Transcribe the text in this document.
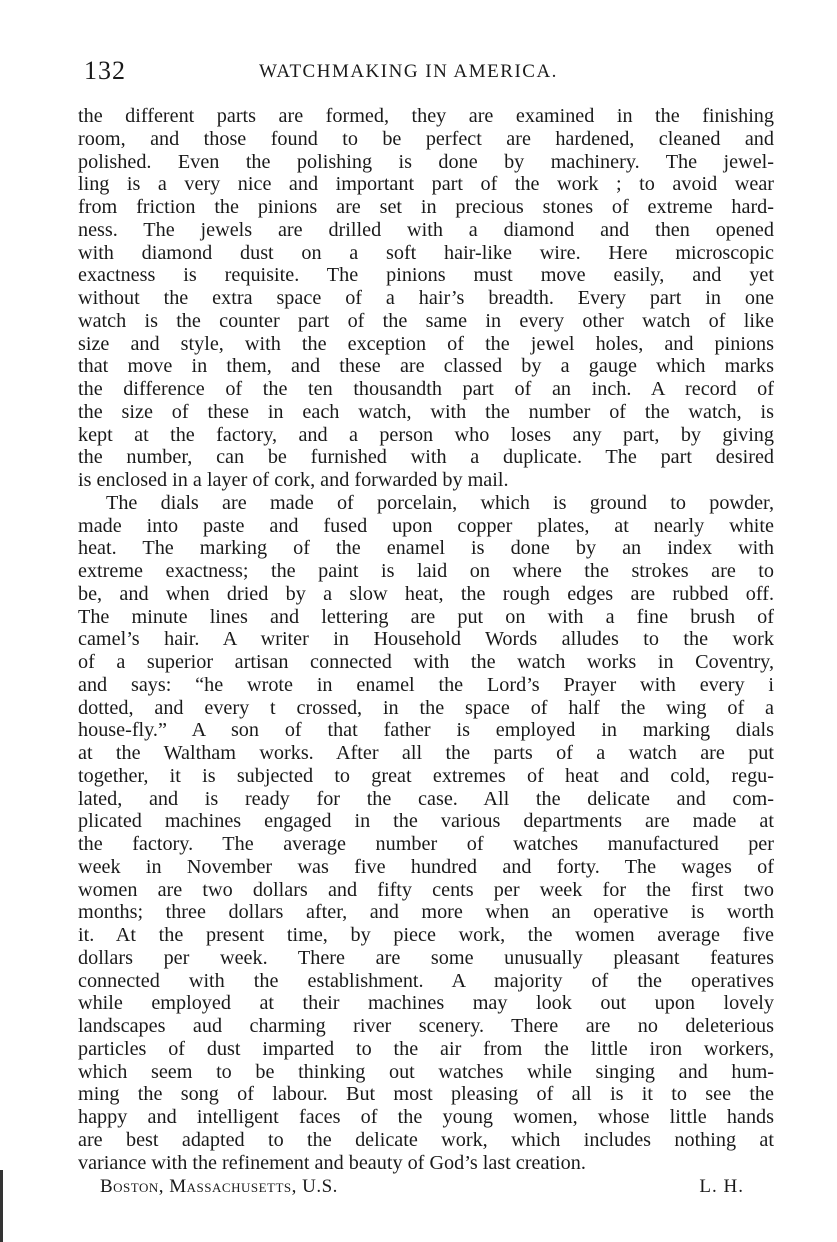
132	WATCHMAKING IN AMERICA.
the different parts are formed, they are examined in the finishing
room, and those found to be perfect are hardened, cleaned and
polished. Even the polishing is done by machinery. The jewel-
ling is a very nice and important part of the work ; to avoid wear
from friction the pinions are set in precious stones of extreme hard-
ness. The jewels are drilled with a diamond and then opened
with diamond dust on a soft hair-like wire. Here microscopic
exactness is requisite. The pinions must move easily, and yet
without the extra space of a hair’s breadth. Every part in one
watch is the counter part of the same in every other watch of like
size and style, with the exception of the jewel holes, and pinions
that move in them, and these are classed by a gauge which marks
the difference of the ten thousandth part of an inch. A record of
the size of these in each watch, with the number of the watch, is
kept at the factory, and a person who loses any part, by giving
the number, can be furnished with a duplicate. The part desired
is enclosed in a layer of cork, and forwarded by mail.
The dials are made of porcelain, which is ground to powder,
made into paste and fused upon copper plates, at nearly white
heat. The marking of the enamel is done by an index with
extreme exactness; the paint is laid on where the strokes are to
be, and when dried by a slow heat, the rough edges are rubbed off.
The minute lines and lettering are put on with a fine brush of
camel’s hair. A writer in Household Words alludes to the work
of a superior artisan connected with the watch works in Coventry,
and says: “he wrote in enamel the Lord’s Prayer with every i
dotted, and every t crossed, in the space of half the wing of a
house-fly.” A son of that father is employed in marking dials
at the Waltham works. After all the parts of a watch are put
together, it is subjected to great extremes of heat and cold, regu-
lated, and is ready for the case. All the delicate and com-
plicated machines engaged in the various departments are made at
the factory. The average number of watches manufactured per
week in November was five hundred and forty. The wages of
women are two dollars and fifty cents per week for the first two
months; three dollars after, and more when an operative is worth
it. At the present time, by piece work, the women average five
dollars per week. There are some unusually pleasant features
connected with the establishment. A majority of the operatives
while employed at their machines may look out upon lovely
landscapes aud charming river scenery. There are no deleterious
particles of dust imparted to the air from the little iron workers,
which seem to be thinking out watches while singing and hum-
ming the song of labour. But most pleasing of all is it to see the
happy and intelligent faces of the young women, whose little hands
are best adapted to the delicate work, which includes nothing at
variance with the refinement and beauty of God’s last creation.
Boston, Massachusetts, U.S.	L. H.
